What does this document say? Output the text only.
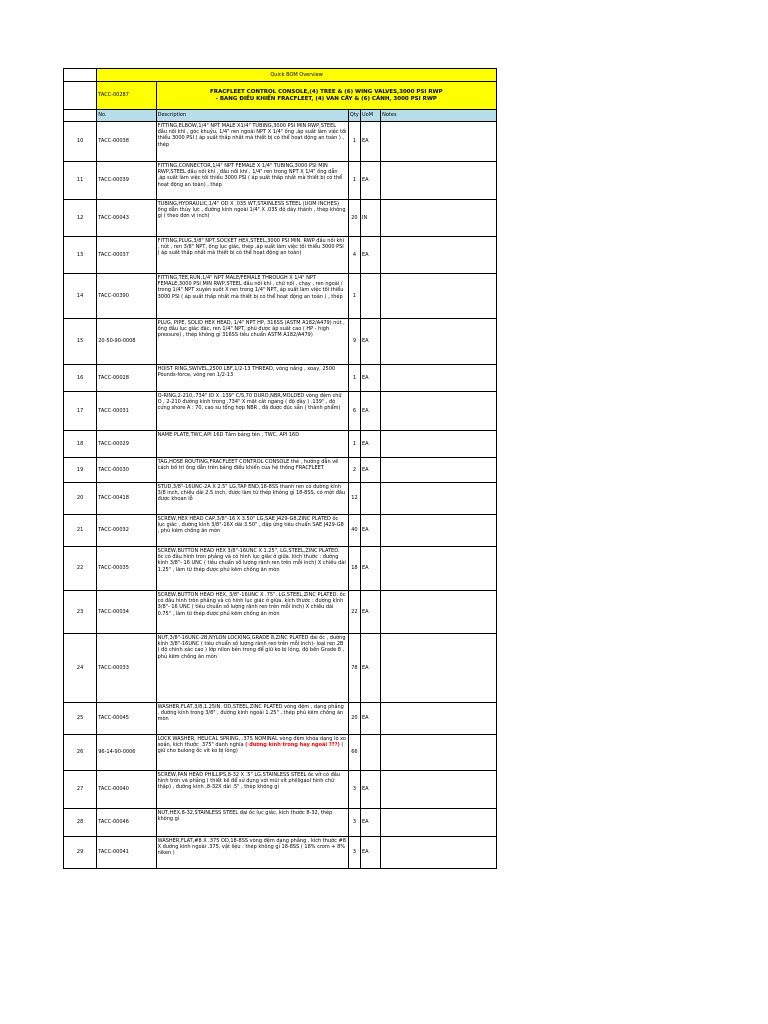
	Quick BOM Overview				
	TACC-00287	FRACFLEET CONTROL CONSOLE,(4) TREE & (6) WING VALVES,3000 PSI RWP
- BANG ĐIỀU KHIỂN FRACFLEET, (4) VAN CÂY & (6) CÁNH, 3000 PSI RWP			

	No.	Description	Qty	UoM	Notes
10	TACC-00038	FITTING,ELBOW,1/4" NPT MALE X1/4" TUBING,3000 PSI MIN RWP,STEEL đầu nối khí , góc khuỷu, 1/4" ren ngoài NPT X 1/4" ống ,áp suất làm việc tối thiểu 3000 PSI ( áp suất thấp nhất mà thiết bị có thể hoạt động an toàn ) , thép	1	EA	
11	TACC-00039	FITTING,CONNECTOR,1/4" NPT FEMALE X 1/4" TUBING,3000 PSI MIN RWP,STEEL đầu nối khí , đầu nối khí , 1/4" ren trong NPT X 1/4" ống dẫn ,áp suất làm việc tối thiểu 3000 PSI ( áp suất thấp nhất mà thiết bị có thể hoạt động an toàn) , thép	1	EA	
12	TACC-00043	TUBING,HYDRAULIC,1/4" OD X .035 WT,STAINLESS STEEL (UOM INCHES) ống dẫn thủy lực , đường kính ngoài 1/4" X .035 độ dày thành , thép không gỉ ( theo đơn vị inch)	20	IN	
13	TACC-00037	FITTING,PLUG,3/8" NPT,SOCKET HEX,STEEL,3000 PSI MIN. RWP đầu nối khí , nút , ren 3/8" NPT, ống lục giác, thép ,áp suất làm việc tối thiểu 3000 PSI ( áp suất thấp nhất mà thiết bị có thể hoạt động an toàn)	4	EA	
14	TACC-00390	FITTING,TEE,RUN,1/4" NPT MALE/FEMALE THROUGH X 1/4" NPT FEMALE,3000 PSI MIN RWP,STEEL đầu nối khí , chữ nối , chạy , ren ngoài / trong 1/4" NPT xuyên suốt X ren trong 1/4" NPT, áp suất làm việc tối thiểu 3000 PSI ( áp suất thấp nhất mà thiết bị có thể hoạt động an toàn ) , thép	1		
15	20-50-90-0008	PLUG, PIPE, SOLID HEX HEAD, 1/4" NPT HP, 316SS (ASTM A182/A479) nút , ống đầu lục giác đặc, ren 1/4" NPT, phù được áp suất cao ( HP - high pressure) , thép không gỉ 316SS tiêu chuẩn ASTM A182/A479)	9	EA	
16	TACC-00028	HOIST RING,SWIVEL,2500 LBF,1/2-13 THREAD, vòng nâng , xoay, 2500 Pounds-force, vòng ren 1/2-13	1	EA	
17	TACC-00031	O-RING,2-210,.734" ID X .139" C/S,70 DURO,NBR,MOLDED vòng đệm chữ O , 2-210 đường kính trong .734" X mặt cắt ngang ( độ dày ) .139" , độ cứng shore A : 70, cao su tổng hợp NBR , đã được đúc sẵn ( thành phẩm)	6	EA	
18	TACC-00029	NAME PLATE,TWC,API 16D Tấm bảng tên , TWC, API 16D	1	EA	
19	TACC-00030	TAG,HOSE ROUTING,FRACFLEET CONTROL CONSOLE thẻ , hướng dẫn về cách bố trí ống dẫn trên bảng điều khiển của hệ thống FRACFLEET	2	EA	
20	TACC-00418	STUD,3/8"-16UNC-2A X 2.5" LG,TAP END,18-8SS thanh ren có đường kính 3/8 inch, chiều dài 2.5 inch, được làm từ thép không gỉ 18-8SS, có một đầu được khoan lỗ	12		
21	TACC-00032	SCREW,HEX HEAD CAP,3/8"-16 X 3.50" LG,SAE J429-G8,ZINC PLATED ốc lục giác , đường kính 3/8"-16X dài 3.50" , đáp ứng tiêu chuẩn SAE J429-G8 , phủ kẽm chống ăn mòn	40	EA	
22	TACC-00035	SCREW,BUTTON HEAD HEX 3/8"-16UNC X 1.25", LG,STEEL,ZINC PLATED. ốc có đầu hình tròn phẳng và có hình lục giác ở giữa. kích thước : đường kính 3/8"- 16 UNC ( tiêu chuẩn số lượng rãnh ren trên mỗi inch) X chiều dài 1.25" , làm từ thép được phủ kẽm chống ăn mòn	18	EA	
23	TACC-00034	SCREW,BUTTON HEAD HEX, 3/8"-16UNC X .75", LG,STEEL,ZINC PLATED. ốc có đầu hình tròn phẳng và có hình lục giác ở giữa. kích thước : đường kính 3/8"- 16 UNC ( tiêu chuẩn số lượng rãnh ren trên mỗi inch) X chiều dài 0.75" , làm từ thép được phủ kẽm chống ăn mòn	22	EA	
24	TACC-00033	NUT,3/8"-16UNC-2B,NYLON LOCKING,GRADE 8,ZINC PLATED đai ốc , đường kính 3/8"-16UNC ( tiêu chuẩn số lượng rãnh ren trên mỗi inch)- loại ren 2B ( độ chính xác cao ) lớp nilon bên trong để giữ ko bị lỏng, độ bền Grade 8 , phủ kẽm chống ăn mòn	78	EA	
25	TACC-00045	WASHER,FLAT,3/8,1.25IN. OD,STEEL,ZINC PLATED vòng đệm , dạng phẳng , đường kính trong 3/8" , đường kính ngoài 1.25" , thép phủ kẽm chống ăn mòn	20	EA	
26	96-14-90-0006	LOCK WASHER, HELICAL SPRING, .375 NOMINAL vòng đệm khóa dạng lò xo xoắn, kích thước .375" danh nghĩa ( đường kính trong hay ngoài ???) ( giữ cho bulong ốc vít ko bị lỏng)	66		
27	TACC-00040	SCREW,PAN HEAD PHILLIPS,8-32 X .5" LG,STAINLESS STEEL ốc vít có đầu hình tròn và phẳng ( thiết kế để sử dụng với mũi vít philligaol hình chữ thập) , đường kính ,8-32X dài .5" , thép không gỉ	3	EA	
28	TACC-00046	NUT,HEX,8-32,STAINLESS STEEL đai ốc lục giác, kích thước 8-32, thép không gỉ	3	EA	
29	TACC-00041	WASHER,FLAT,#8 X .375 OD,18-8SS vòng đệm dạng phẳng , kích thước #8 X đường kính ngoài .375, vật liệu : thép không gỉ 18-8SS ( 18% crom + 8% niken )	3	EA	
